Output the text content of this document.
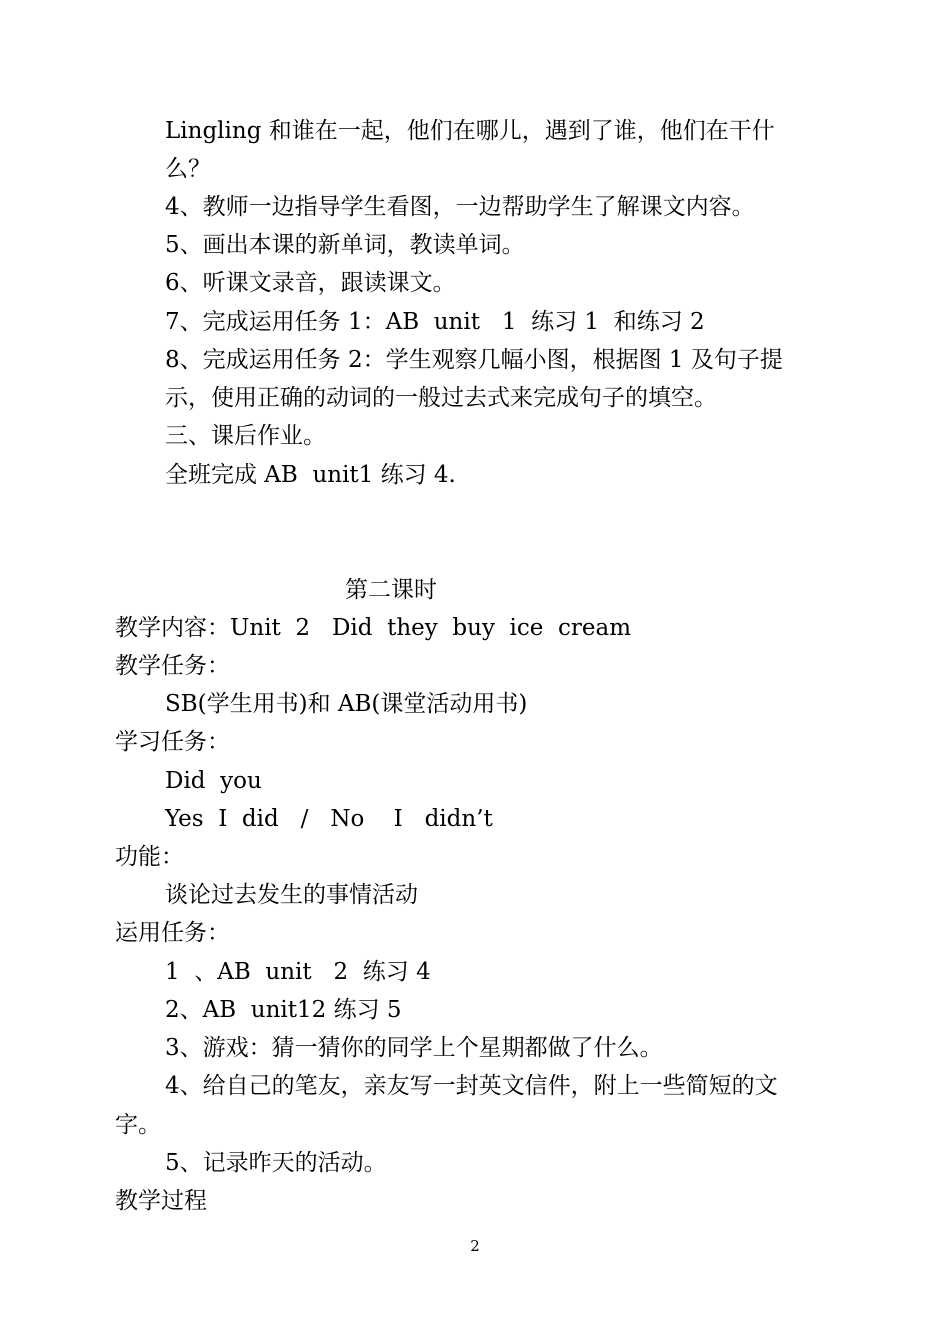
Lingling 和谁在一起，他们在哪儿，遇到了谁，他们在干什
么？
4、教师一边指导学生看图，一边帮助学生了解课文内容。
5、画出本课的新单词，教读单词。
6、听课文录音，跟读课文。
7、完成运用任务 1：AB  unit   1  练习 1  和练习 2
8、完成运用任务 2：学生观察几幅小图，根据图 1 及句子提
示，使用正确的动词的一般过去式来完成句子的填空。
三、课后作业。
全班完成 AB  unit1 练习 4.
第二课时
教学内容：Unit  2   Did  they  buy  ice  cream
教学任务：
SB(学生用书)和 AB(课堂活动用书)
学习任务：
Did  you
Yes  I  did   /   No    I   didn’t
功能：
谈论过去发生的事情活动
运用任务：
1  、AB  unit   2  练习 4
2、AB  unit12 练习 5
3、游戏：猜一猜你的同学上个星期都做了什么。
4、给自己的笔友，亲友写一封英文信件，附上一些简短的文
字。
5、记录昨天的活动。
教学过程
2
